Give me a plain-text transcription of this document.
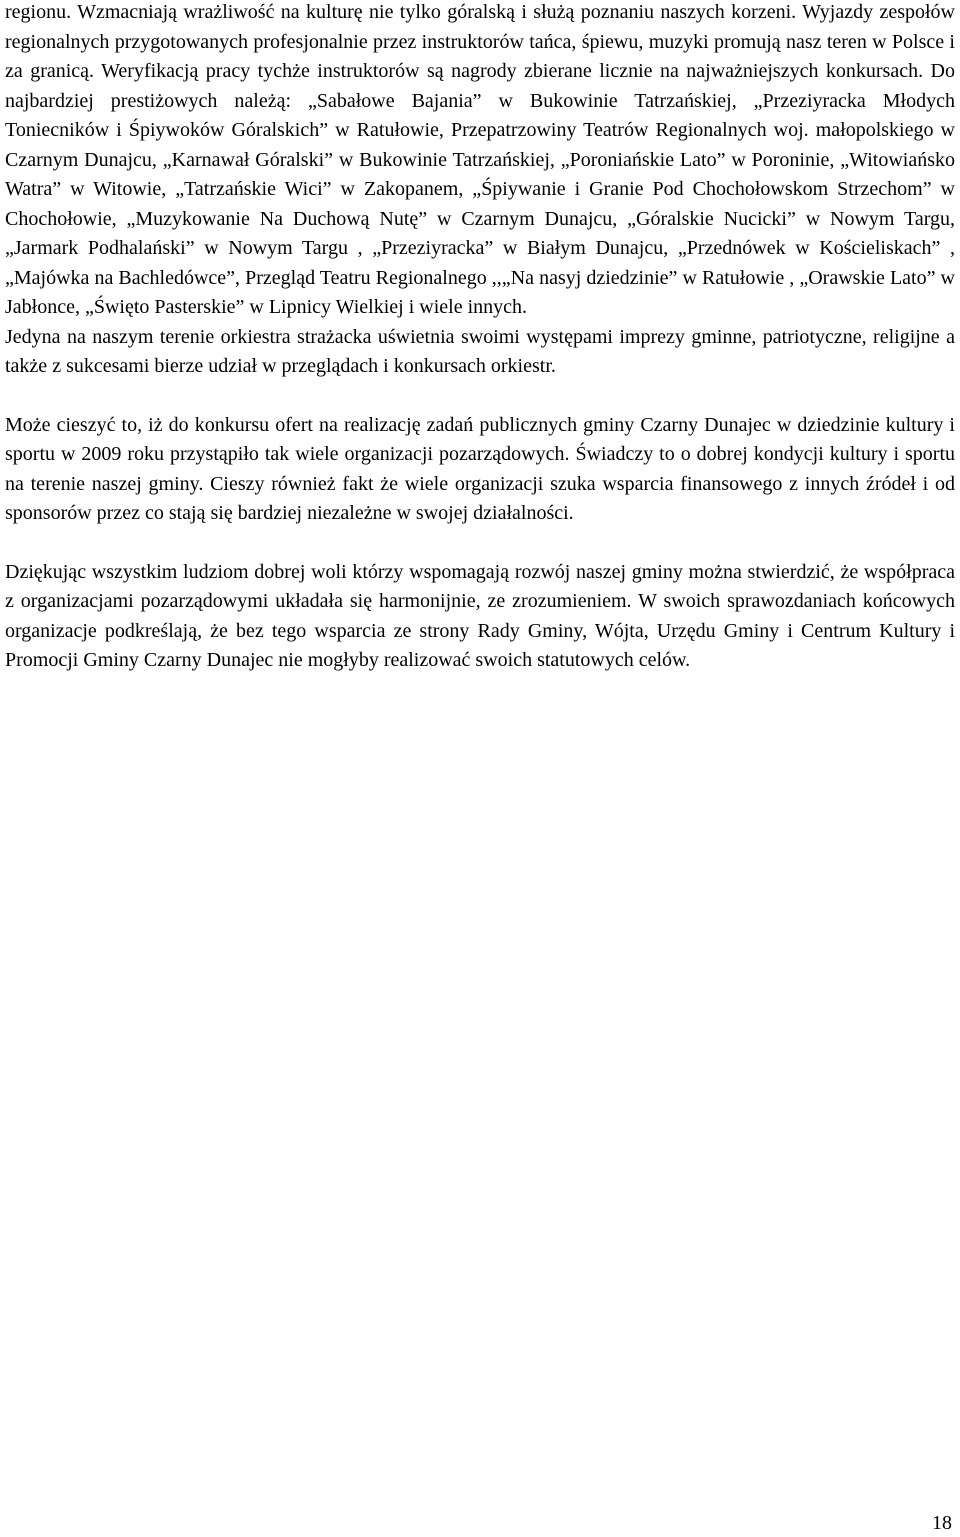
regionu. Wzmacniają wrażliwość na kulturę nie tylko góralską i służą poznaniu naszych korzeni. Wyjazdy zespołów regionalnych przygotowanych profesjonalnie przez instruktorów tańca, śpiewu, muzyki promują nasz teren w Polsce i za granicą. Weryfikacją pracy tychże instruktorów są nagrody zbierane licznie na najważniejszych konkursach. Do najbardziej prestiżowych należą: „Sabałowe Bajania” w Bukowinie Tatrzańskiej, „Przeziyracka Młodych Toniecników i Śpiywoków Góralskich” w Ratułowie, Przepatrzowiny Teatrów Regionalnych woj. małopolskiego w Czarnym Dunajcu, „Karnawał Góralski” w Bukowinie Tatrzańskiej, „Poroniańskie Lato” w Poroninie, „Witowiańsko Watra” w Witowie, „Tatrzańskie Wici” w Zakopanem, „Śpiywanie i Granie Pod Chochołowskom Strzechom” w Chochołowie, „Muzykowanie Na Duchową Nutę” w Czarnym Dunajcu, „Góralskie Nucicki” w Nowym Targu, „Jarmark Podhalański” w Nowym Targu , „Przeziyracka” w Białym Dunajcu, „Przednówek w Kościeliskach” , „Majówka na Bachledówce”, Przegląd Teatru Regionalnego ,,„Na nasyj dziedzinie” w Ratułowie , „Orawskie Lato” w Jabłonce, „Święto Pasterskie” w Lipnicy Wielkiej i wiele innych.

Jedyna na naszym terenie orkiestra strażacka uświetnia swoimi występami imprezy gminne, patriotyczne, religijne a także z sukcesami bierze udział w przeglądach i konkursach orkiestr.

Może cieszyć to, iż do konkursu ofert na realizację zadań publicznych gminy Czarny Dunajec w dziedzinie kultury i sportu w 2009 roku przystąpiło tak wiele organizacji pozarządowych. Świadczy to o dobrej kondycji kultury i sportu na terenie naszej gminy. Cieszy również fakt że wiele organizacji szuka wsparcia finansowego z innych źródeł i od sponsorów przez co stają się bardziej niezależne w swojej działalności.

Dziękując wszystkim ludziom dobrej woli którzy wspomagają rozwój naszej gminy można stwierdzić, że współpraca z organizacjami pozarządowymi układała się harmonijnie, ze zrozumieniem. W swoich sprawozdaniach końcowych organizacje podkreślają, że bez tego wsparcia ze strony Rady Gminy, Wójta, Urzędu Gminy i Centrum Kultury i Promocji Gminy Czarny Dunajec nie mogłyby realizować swoich statutowych celów.

18
